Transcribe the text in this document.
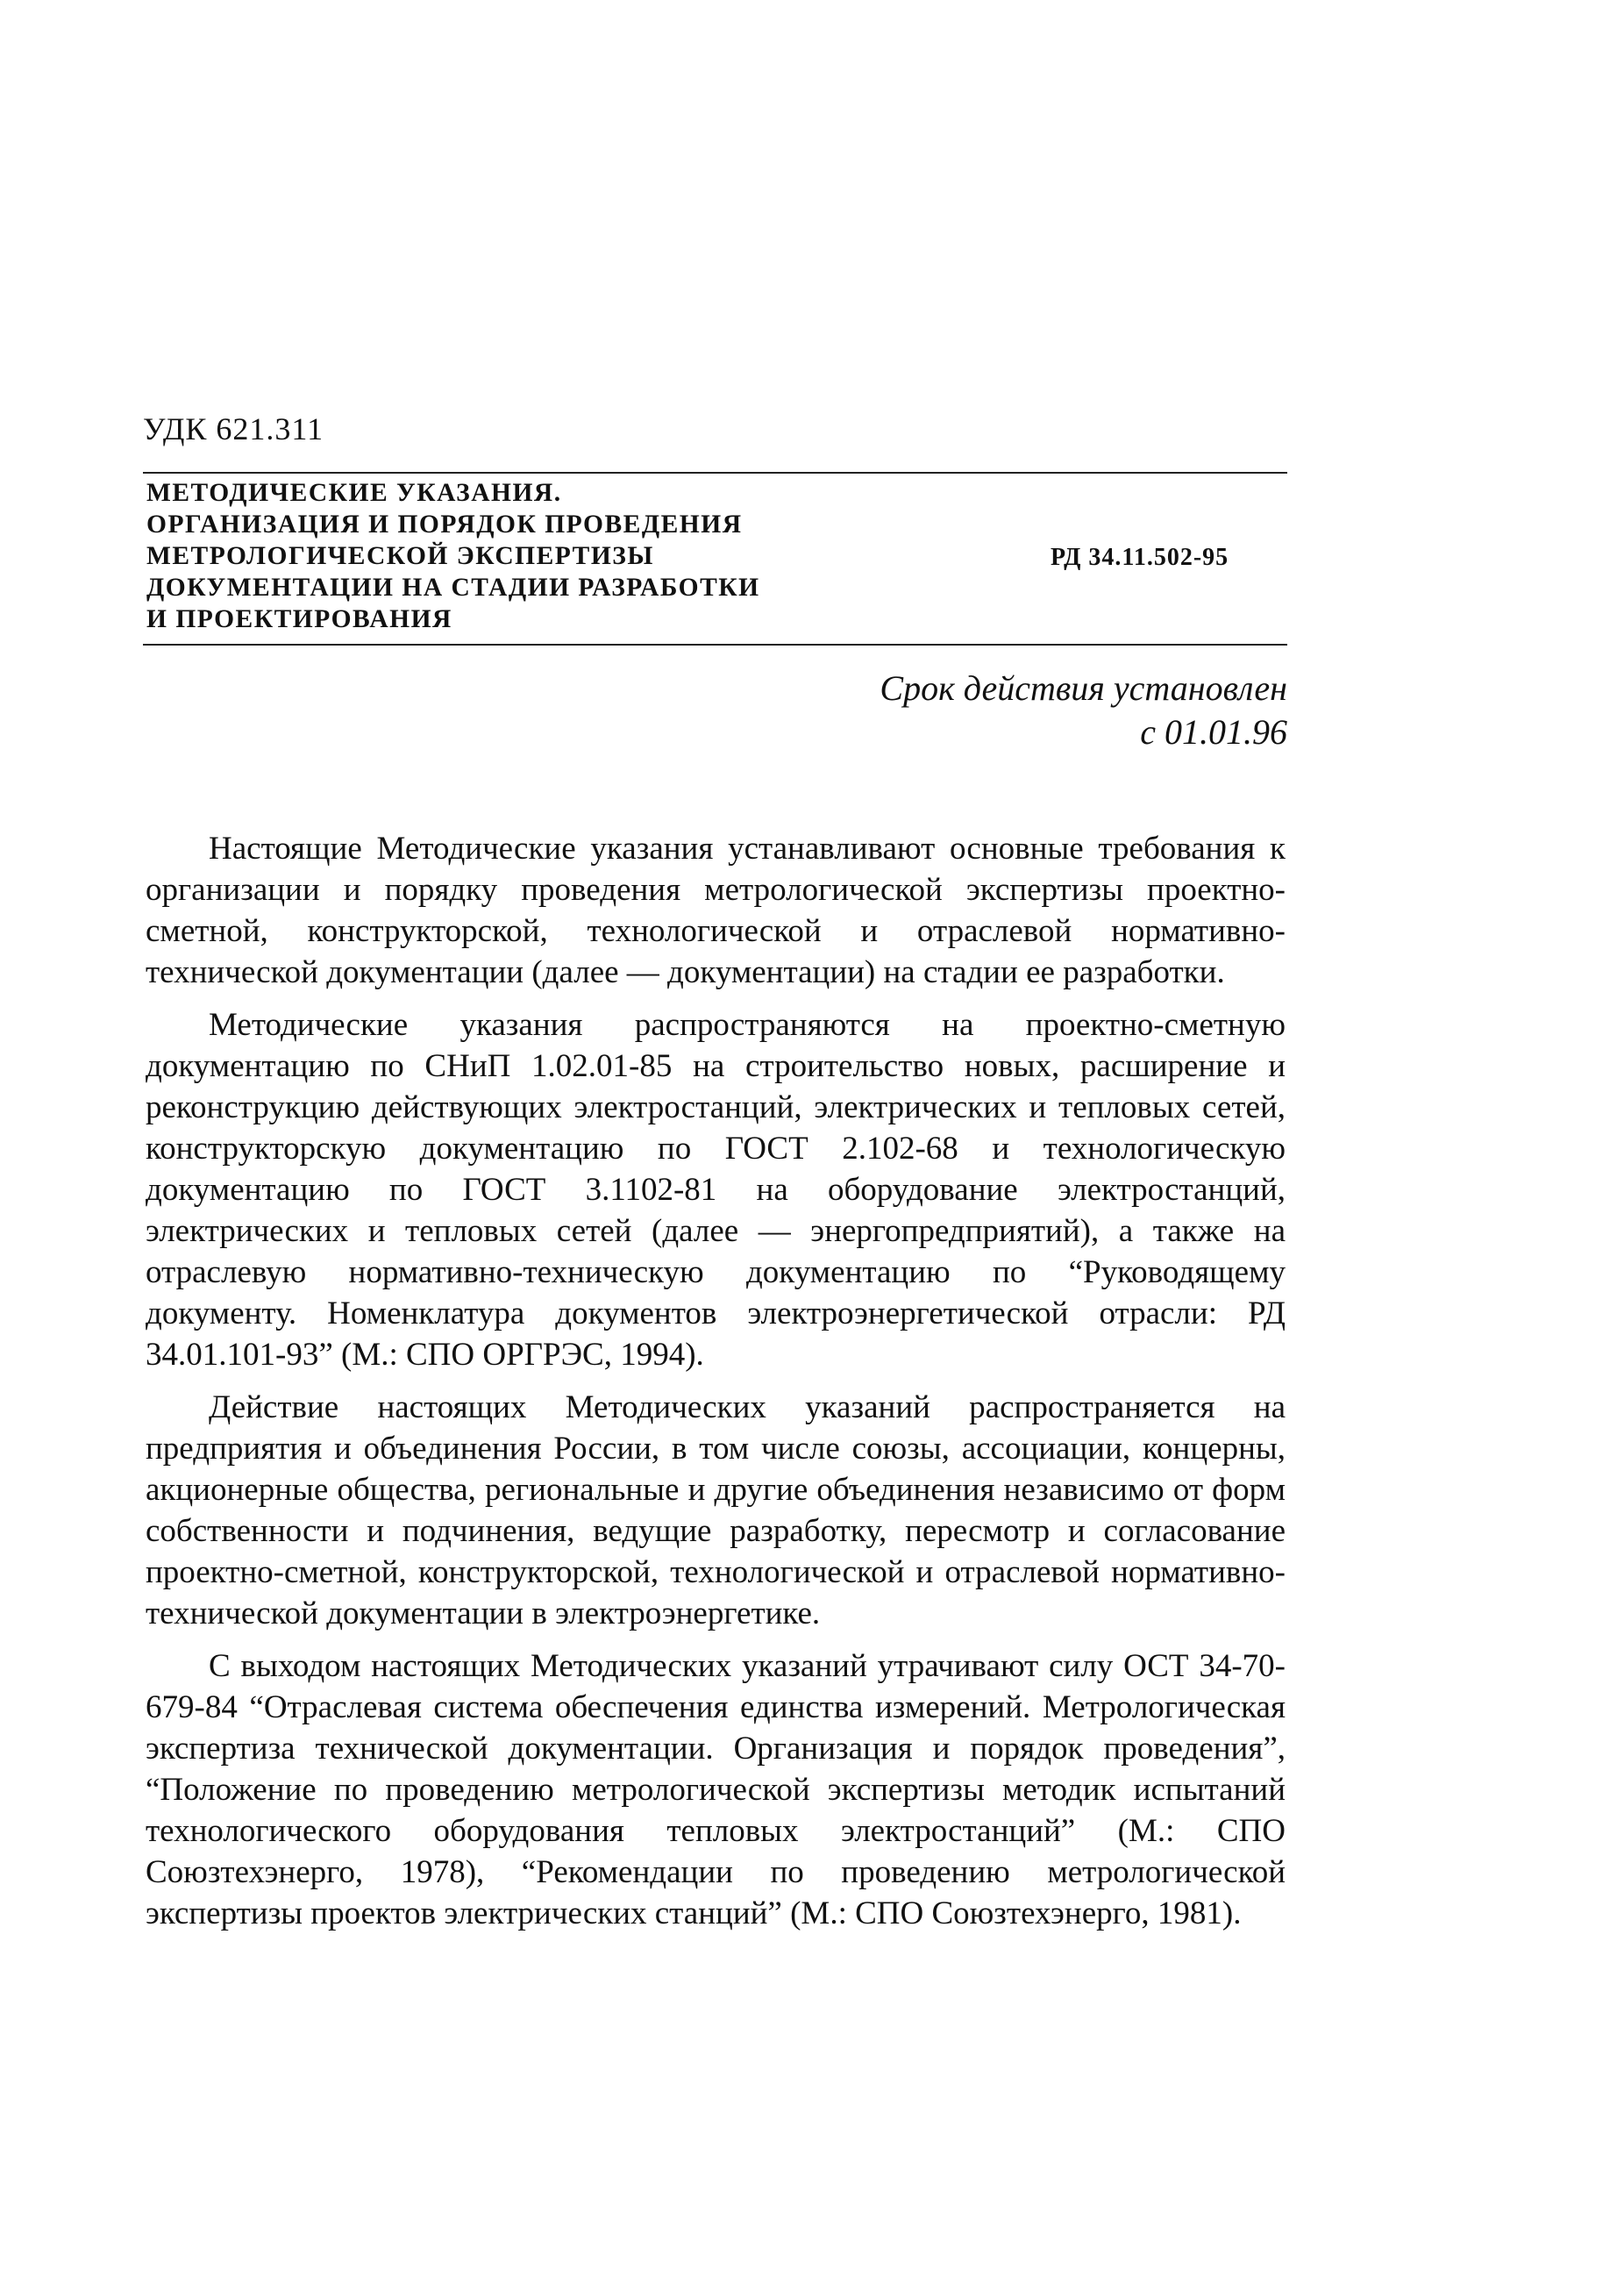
УДК 621.311
МЕТОДИЧЕСКИЕ УКАЗАНИЯ.
ОРГАНИЗАЦИЯ И ПОРЯДОК ПРОВЕДЕНИЯ
МЕТРОЛОГИЧЕСКОЙ ЭКСПЕРТИЗЫ
ДОКУМЕНТАЦИИ НА СТАДИИ РАЗРАБОТКИ
И ПРОЕКТИРОВАНИЯ
РД 34.11.502-95
Срок действия установлен
с 01.01.96

Настоящие Методические указания устанавливают основные требования к организации и порядку проведения метрологической экспертизы проектно-сметной, конструкторской, технологической и отраслевой нормативно-технической документации (далее — документации) на стадии ее разработки.

Методические указания распространяются на проектно-сметную документацию по СНиП 1.02.01-85 на строительство новых, расширение и реконструкцию действующих электростанций, электрических и тепловых сетей, конструкторскую документацию по ГОСТ 2.102-68 и технологическую документацию по ГОСТ 3.1102-81 на оборудование электростанций, электрических и тепловых сетей (далее — энергопредприятий), а также на отраслевую нормативно-техническую документацию по “Руководящему документу. Номенклатура документов электроэнергетической отрасли: РД 34.01.101-93” (М.: СПО ОРГРЭС, 1994).

Действие настоящих Методических указаний распространяется на предприятия и объединения России, в том числе союзы, ассоциации, концерны, акционерные общества, региональные и другие объединения независимо от форм собственности и подчинения, ведущие разработку, пересмотр и согласование проектно-сметной, конструкторской, технологической и отраслевой нормативно-технической документации в электроэнергетике.

С выходом настоящих Методических указаний утрачивают силу ОСТ 34-70-679-84 “Отраслевая система обеспечения единства измерений. Метрологическая экспертиза технической документации. Организация и порядок проведения”, “Положение по проведению метрологической экспертизы методик испытаний технологического оборудования тепловых электростанций” (М.: СПО Союзтехэнерго, 1978), “Рекомендации по проведению метрологической экспертизы проектов электрических станций” (М.: СПО Союзтехэнерго, 1981).
